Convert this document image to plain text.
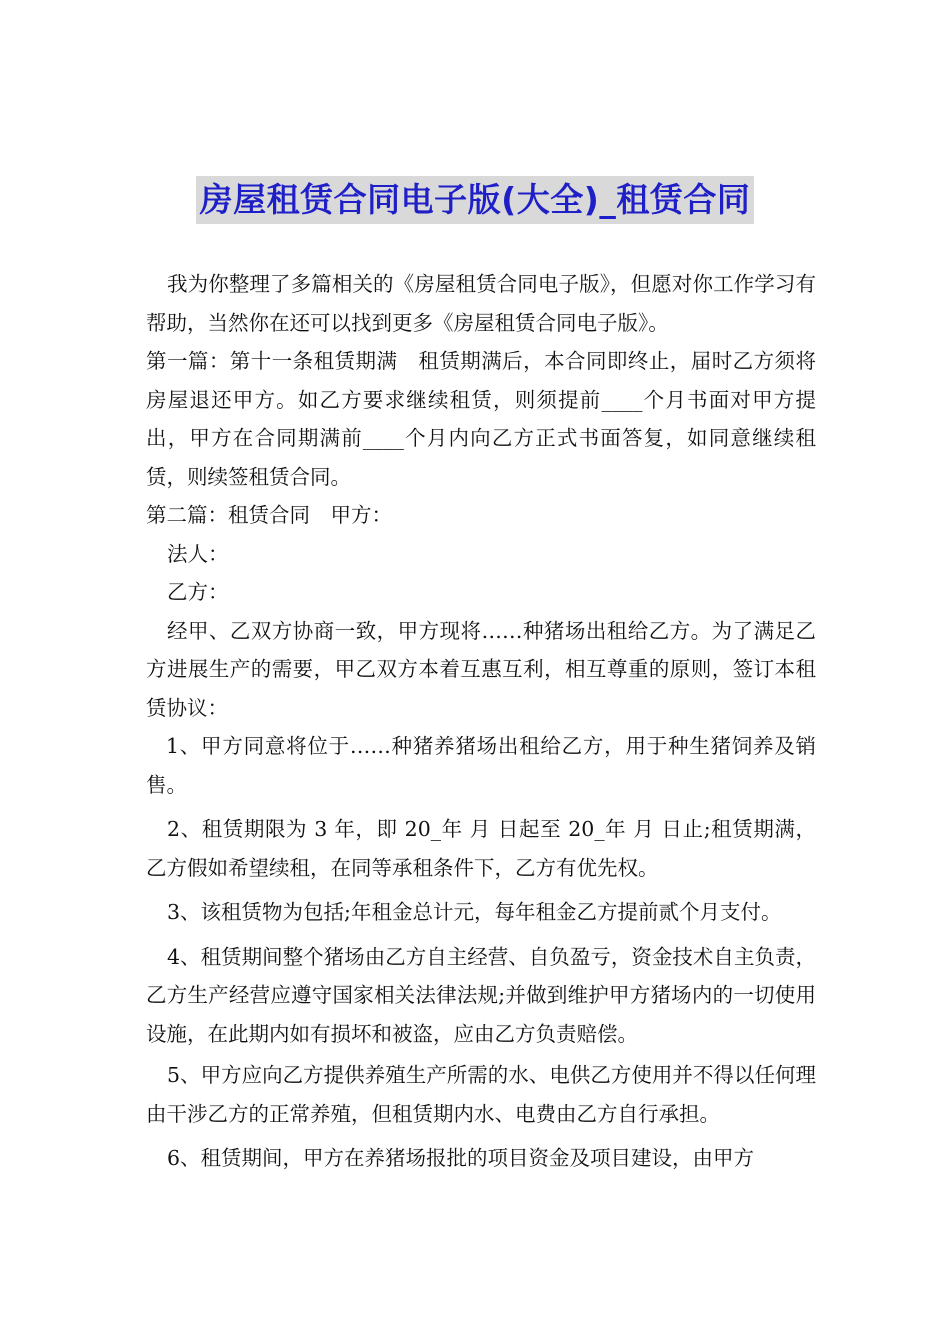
房屋租赁合同电子版(大全)_租赁合同

我为你整理了多篇相关的《房屋租赁合同电子版》，但愿对你工作学习有帮助，当然你在还可以找到更多《房屋租赁合同电子版》。

第一篇：第十一条租赁期满　租赁期满后，本合同即终止，届时乙方须将房屋退还甲方。如乙方要求继续租赁，则须提前____个月书面对甲方提出，甲方在合同期满前____个月内向乙方正式书面答复，如同意继续租赁，则续签租赁合同。

第二篇：租赁合同　甲方：

法人：

乙方：

经甲、乙双方协商一致，甲方现将……种猪场出租给乙方。为了满足乙方进展生产的需要，甲乙双方本着互惠互利，相互尊重的原则，签订本租赁协议：

1、甲方同意将位于……种猪养猪场出租给乙方，用于种生猪饲养及销售。

2、租赁期限为 3 年，即 20_年 月 日起至 20_年 月 日止;租赁期满，乙方假如希望续租，在同等承租条件下，乙方有优先权。

3、该租赁物为包括;年租金总计元，每年租金乙方提前贰个月支付。

4、租赁期间整个猪场由乙方自主经营、自负盈亏，资金技术自主负责，乙方生产经营应遵守国家相关法律法规;并做到维护甲方猪场内的一切使用设施，在此期内如有损坏和被盗，应由乙方负责赔偿。

5、甲方应向乙方提供养殖生产所需的水、电供乙方使用并不得以任何理由干涉乙方的正常养殖，但租赁期内水、电费由乙方自行承担。

6、租赁期间，甲方在养猪场报批的项目资金及项目建设，由甲方
